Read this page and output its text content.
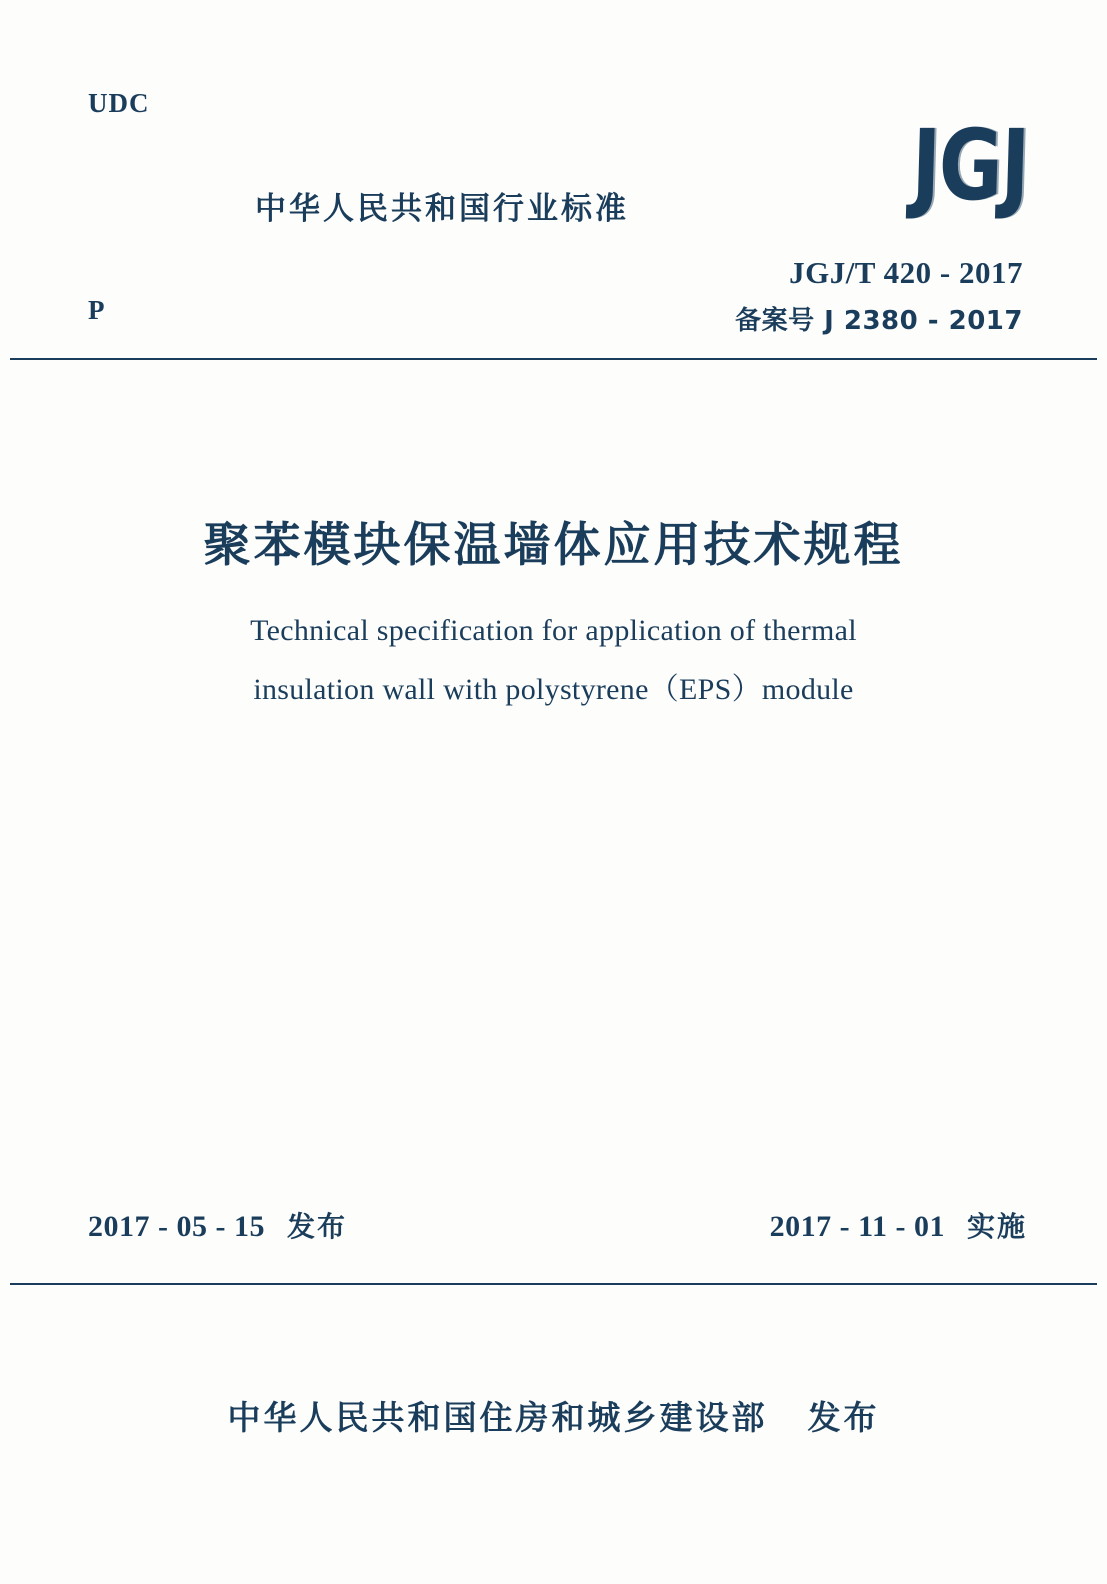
UDC
P
中华人民共和国行业标准	JGJ
JGJ/T 420 - 2017
备案号 J 2380 - 2017
聚苯模块保温墙体应用技术规程
Technical specification for application of thermal
insulation wall with polystyrene（EPS）module
2017 - 05 - 15 发布	2017 - 11 - 01 实施
中华人民共和国住房和城乡建设部 发布
